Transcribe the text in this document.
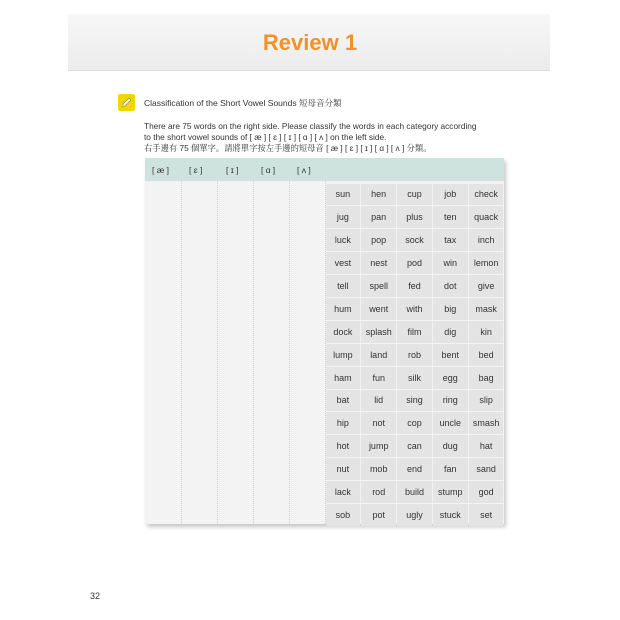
Review 1
Classification of the Short Vowel Sounds 短母音分類
There are 75 words on the right side. Please classify the words in each category according
to the short vowel sounds of [ æ ] [ ɛ ] [ ɪ ] [ ɑ ] [ ʌ ] on the left side.
右手邊有 75 個單字。請將單字按左手邊的短母音 [ æ ] [ ɛ ] [ ɪ ] [ ɑ ] [ ʌ ] 分類。
[ æ ] [ ɛ ]	[ ɪ ]	[ ɑ ]	[ ʌ ]
sun	hen	cup	job	check
jug	pan	plus	ten	quack
luck	pop	sock	tax	inch
vest	nest	pod	win	lemon
tell	spell	fed	dot	give
hum	went	with	big	mask
dock	splash	film	dig	kin
lump	land	rob	bent	bed
ham	fun	silk	egg	bag
bat	lid	sing	ring	slip
hip	not	cop	uncle	smash
hot	jump	can	dug	hat
nut	mob	end	fan	sand
lack	rod	build	stump	god
sob	pot	ugly	stuck	set
32
